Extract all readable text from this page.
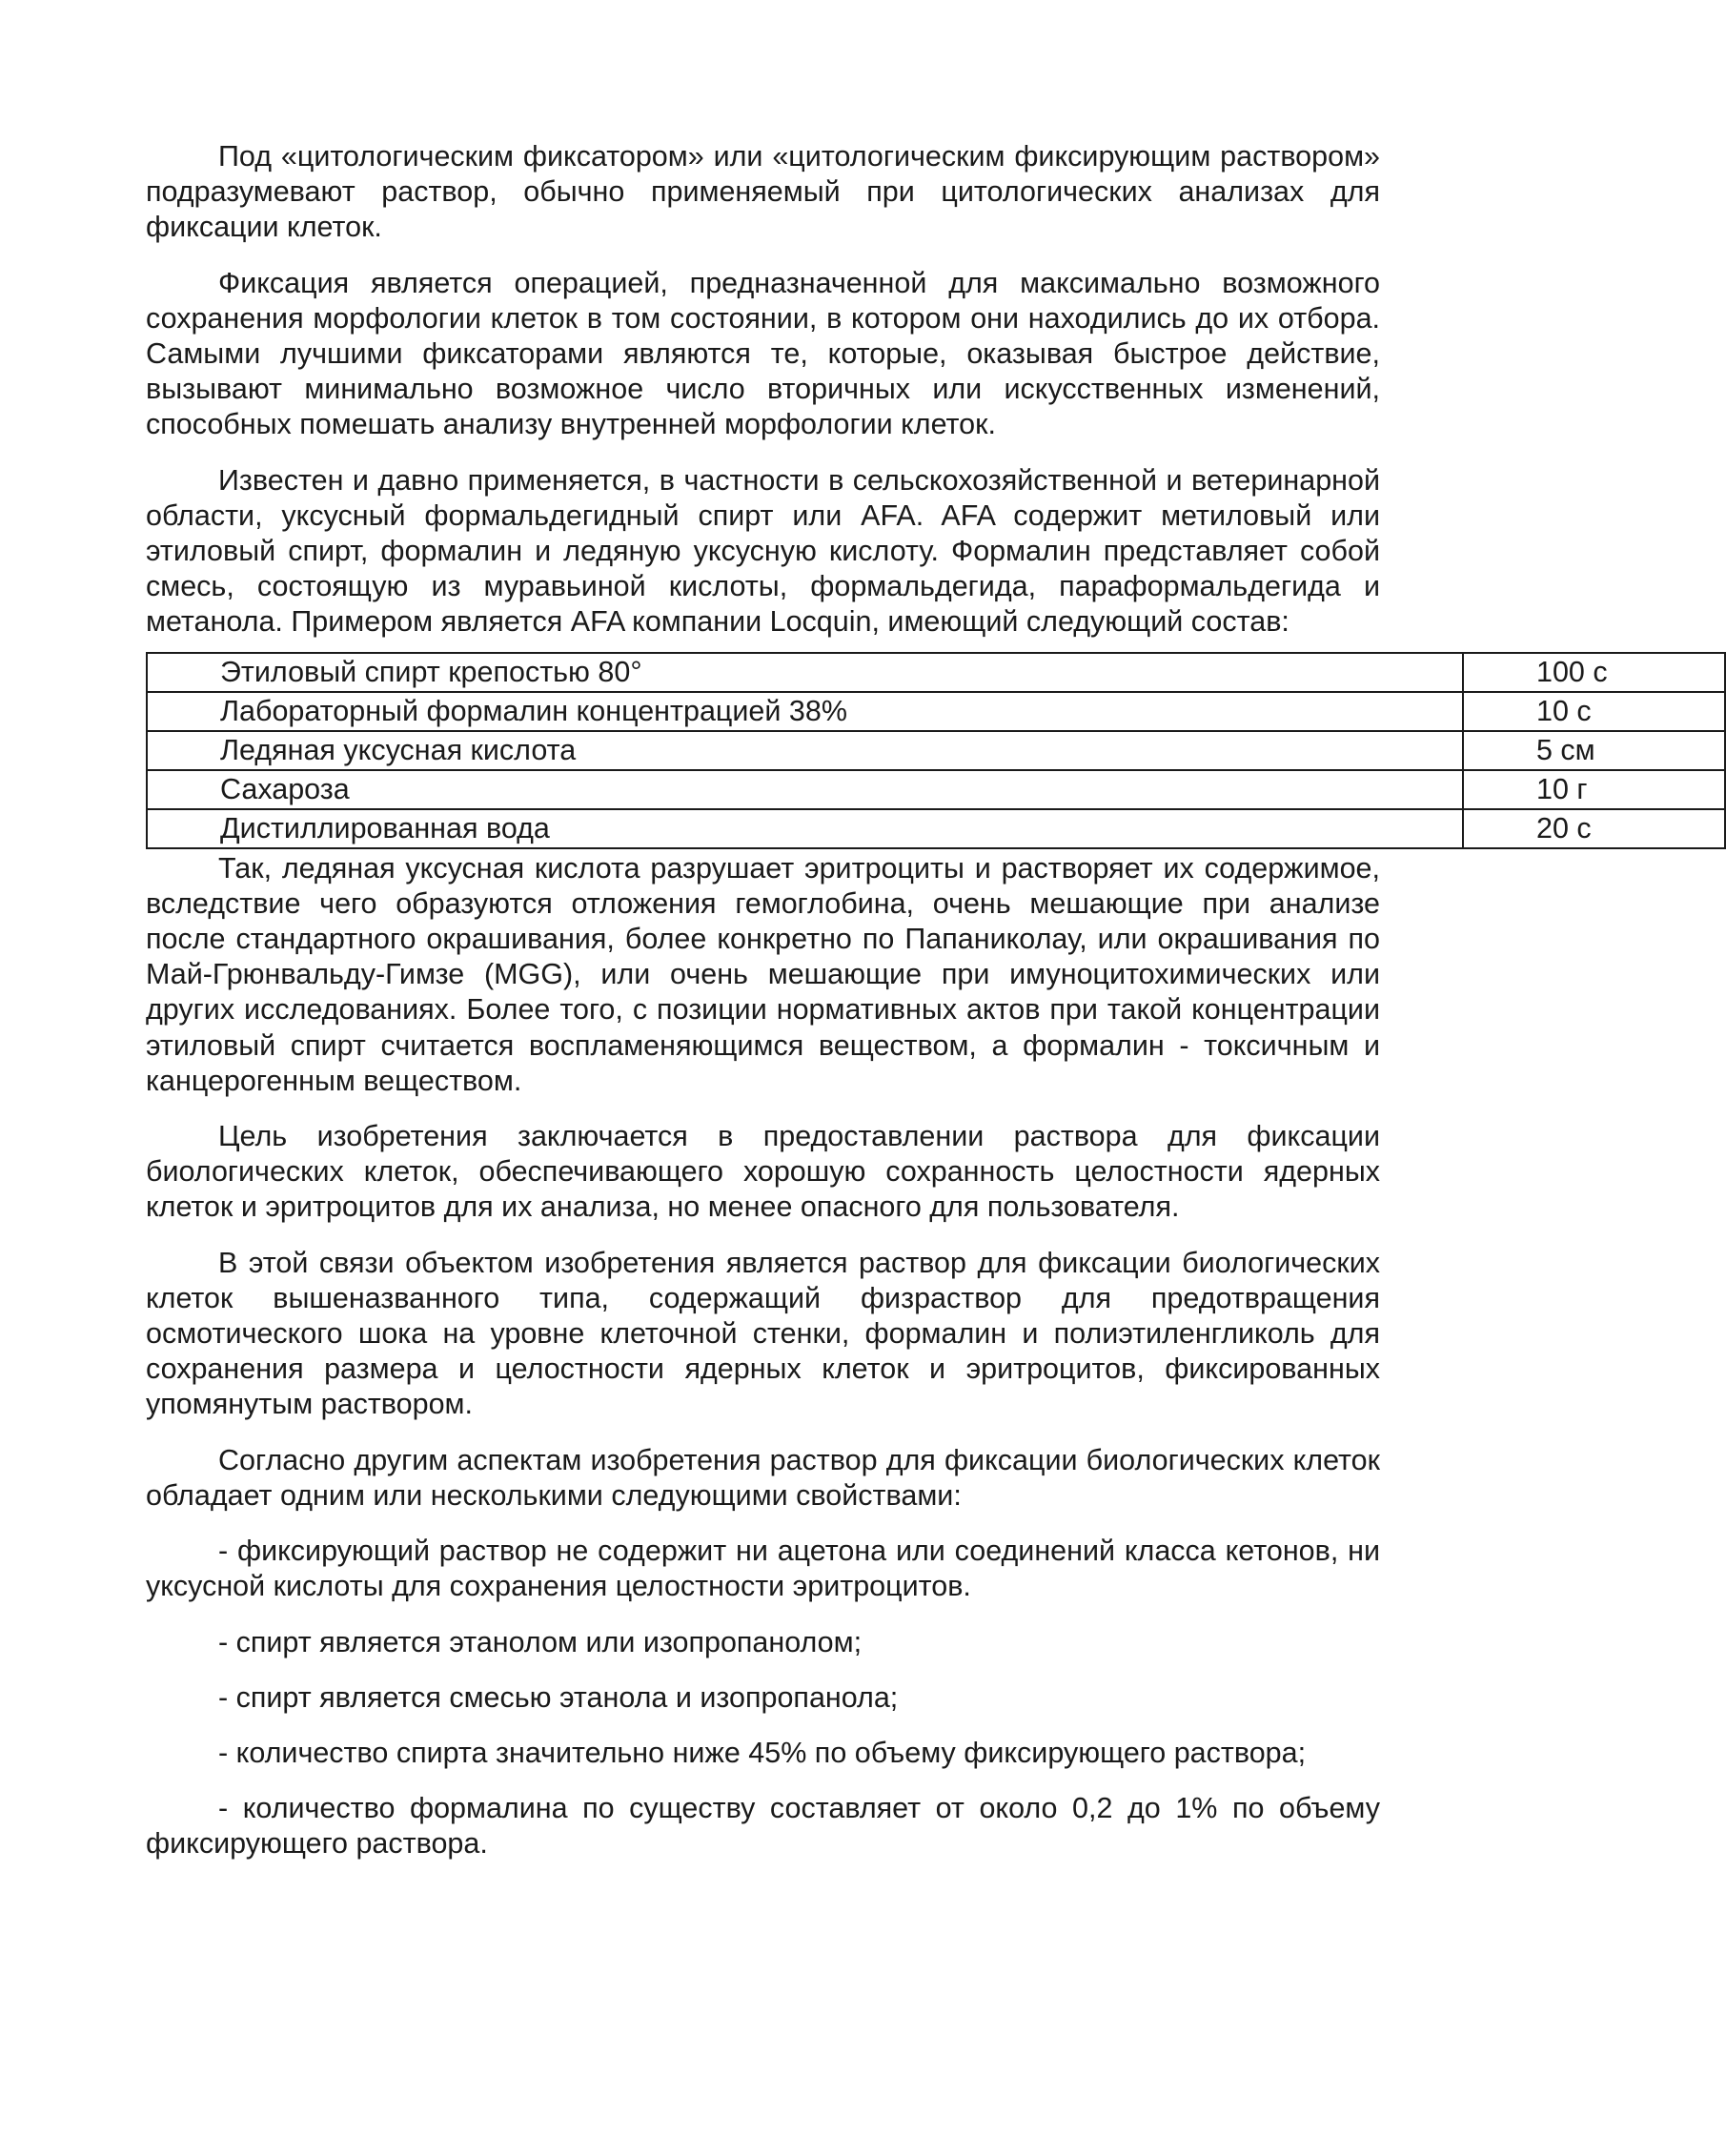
Под «цитологическим фиксатором» или «цитологическим фиксирующим раствором» подразумевают раствор, обычно применяемый при цитологических анализах для фиксации клеток.

Фиксация является операцией, предназначенной для максимально возможного сохранения морфологии клеток в том состоянии, в котором они находились до их отбора. Самыми лучшими фиксаторами являются те, которые, оказывая быстрое действие, вызывают минимально возможное число вторичных или искусственных изменений, способных помешать анализу внутренней морфологии клеток.

Известен и давно применяется, в частности в сельскохозяйственной и ветеринарной области, уксусный формальдегидный спирт или AFA. AFA содержит метиловый или этиловый спирт, формалин и ледяную уксусную кислоту. Формалин представляет собой смесь, состоящую из муравьиной кислоты, формальдегида, параформальдегида и метанола. Примером является AFA компании Locquin, имеющий следующий состав:

Этиловый спирт крепостью 80°	100 с
Лабораторный формалин концентрацией 38%	10 с
Ледяная уксусная кислота	5 см
Сахароза	10 г
Дистиллированная вода	20 с

Так, ледяная уксусная кислота разрушает эритроциты и растворяет их содержимое, вследствие чего образуются отложения гемоглобина, очень мешающие при анализе после стандартного окрашивания, более конкретно по Папаниколау, или окрашивания по Май-Грюнвальду-Гимзе (MGG), или очень мешающие при имуноцитохимических или других исследованиях. Более того, с позиции нормативных актов при такой концентрации этиловый спирт считается воспламеняющимся веществом, а формалин - токсичным и канцерогенным веществом.

Цель изобретения заключается в предоставлении раствора для фиксации биологических клеток, обеспечивающего хорошую сохранность целостности ядерных клеток и эритроцитов для их анализа, но менее опасного для пользователя.

В этой связи объектом изобретения является раствор для фиксации биологических клеток вышеназванного типа, содержащий физраствор для предотвращения осмотического шока на уровне клеточной стенки, формалин и полиэтиленгликоль для сохранения размера и целостности ядерных клеток и эритроцитов, фиксированных упомянутым раствором.

Согласно другим аспектам изобретения раствор для фиксации биологических клеток обладает одним или несколькими следующими свойствами:

- фиксирующий раствор не содержит ни ацетона или соединений класса кетонов, ни уксусной кислоты для сохранения целостности эритроцитов.

- спирт является этанолом или изопропанолом;

- спирт является смесью этанола и изопропанола;

- количество спирта значительно ниже 45% по объему фиксирующего раствора;

- количество формалина по существу составляет от около 0,2 до 1% по объему фиксирующего раствора.
